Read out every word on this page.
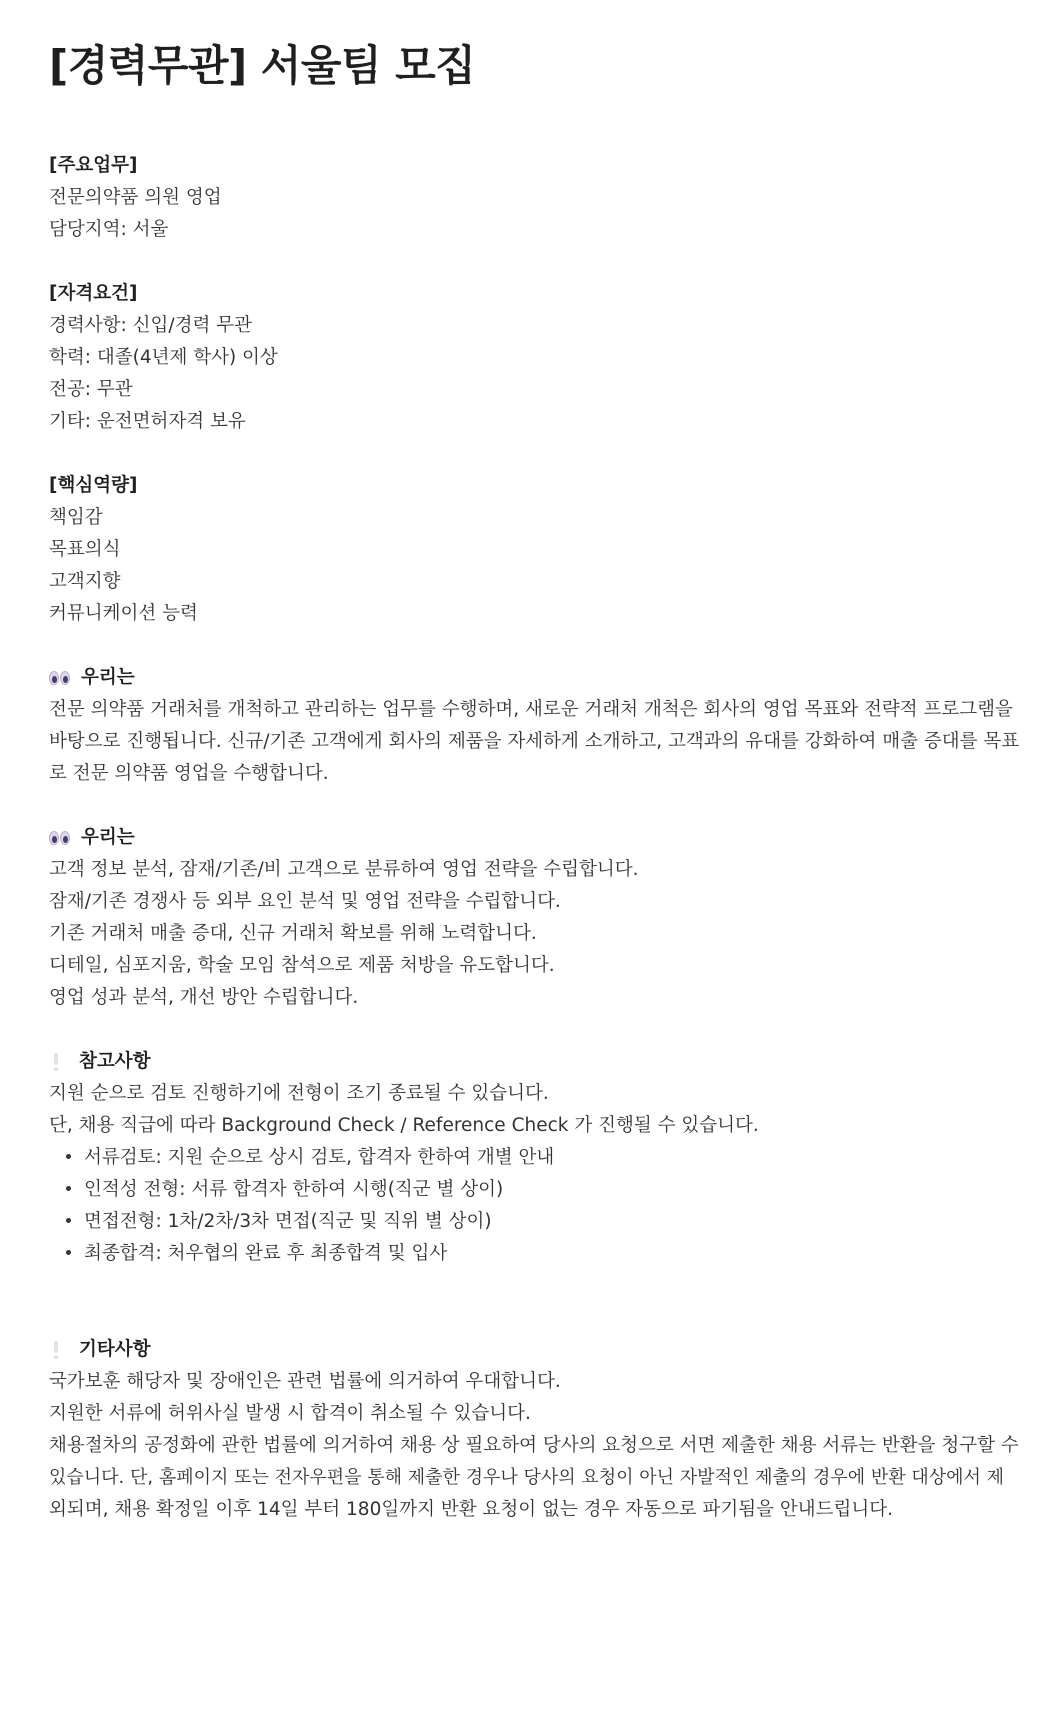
[경력무관] 서울팀 모집
[주요업무]
전문의약품 의원 영업
담당지역: 서울
[자격요건]
경력사항: 신입/경력 무관
학력: 대졸(4년제 학사) 이상
전공: 무관
기타: 운전면허자격 보유
[핵심역량]
책임감
목표의식
고객지향
커뮤니케이션 능력
우리는
전문 의약품 거래처를 개척하고 관리하는 업무를 수행하며, 새로운 거래처 개척은 회사의 영업 목표와 전략적 프로그램을
바탕으로 진행됩니다. 신규/기존 고객에게 회사의 제품을 자세하게 소개하고, 고객과의 유대를 강화하여 매출 증대를 목표
로 전문 의약품 영업을 수행합니다.
우리는
고객 정보 분석, 잠재/기존/비 고객으로 분류하여 영업 전략을 수립합니다.
잠재/기존 경쟁사 등 외부 요인 분석 및 영업 전략을 수립합니다.
기존 거래처 매출 증대, 신규 거래처 확보를 위해 노력합니다.
디테일, 심포지움, 학술 모임 참석으로 제품 처방을 유도합니다.
영업 성과 분석, 개선 방안 수립합니다.
참고사항
지원 순으로 검토 진행하기에 전형이 조기 종료될 수 있습니다.
단, 채용 직급에 따라 Background Check / Reference Check 가 진행될 수 있습니다.
서류검토: 지원 순으로 상시 검토, 합격자 한하여 개별 안내
인적성 전형: 서류 합격자 한하여 시행(직군 별 상이)
면접전형: 1차/2차/3차 면접(직군 및 직위 별 상이)
최종합격: 처우협의 완료 후 최종합격 및 입사
기타사항
국가보훈 해당자 및 장애인은 관련 법률에 의거하여 우대합니다.
지원한 서류에 허위사실 발생 시 합격이 취소될 수 있습니다.
채용절차의 공정화에 관한 법률에 의거하여 채용 상 필요하여 당사의 요청으로 서면 제출한 채용 서류는 반환을 청구할 수
있습니다. 단, 홈페이지 또는 전자우편을 통해 제출한 경우나 당사의 요청이 아닌 자발적인 제출의 경우에 반환 대상에서 제
외되며, 채용 확정일 이후 14일 부터 180일까지 반환 요청이 없는 경우 자동으로 파기됨을 안내드립니다.
